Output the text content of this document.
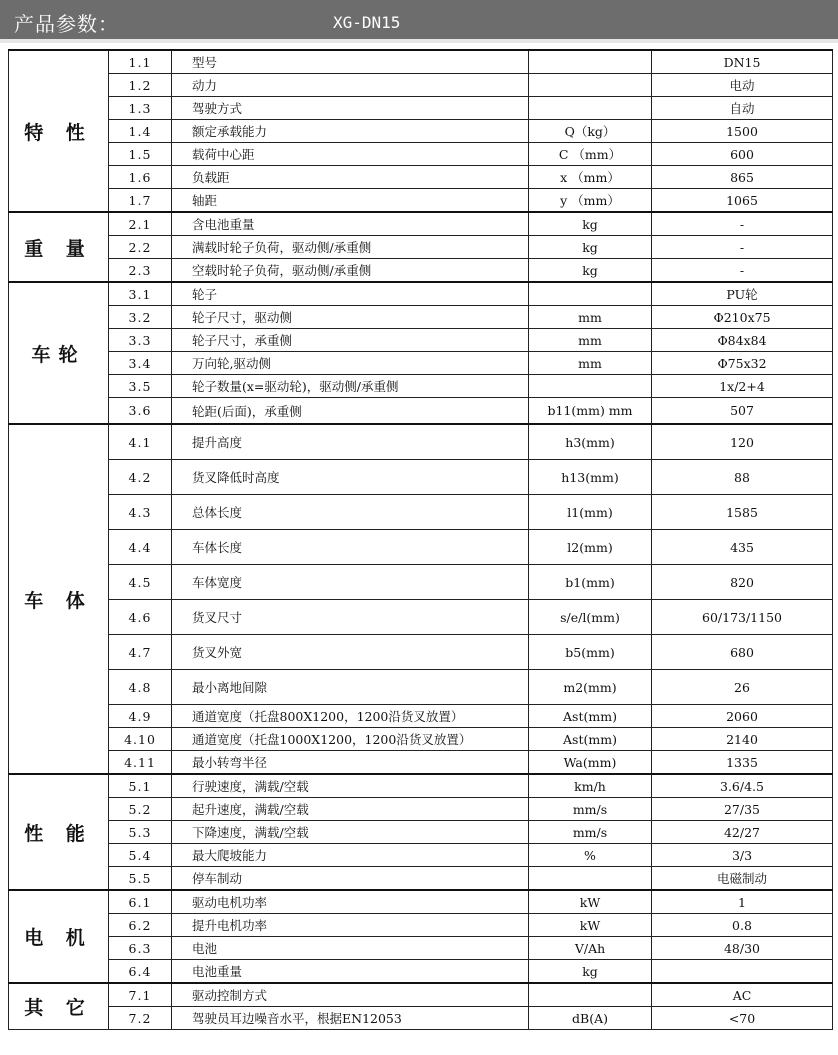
产品参数：	XG-DN15
特 性	1.1	型号		DN15
	1.2	动力		电动
	1.3	驾驶方式		自动
	1.4	额定承载能力	Q（kg）	1500
	1.5	载荷中心距	C （mm）	600
	1.6	负载距	x （mm）	865
	1.7	轴距	y （mm）	1065
重 量	2.1	含电池重量	kg	-
	2.2	满载时轮子负荷，驱动侧/承重侧	kg	-
	2.3	空载时轮子负荷，驱动侧/承重侧	kg	-
车轮	3.1	轮子		PU轮
	3.2	轮子尺寸，驱动侧	mm	Φ210x75
	3.3	轮子尺寸，承重侧	mm	Φ84x84
	3.4	万向轮,驱动侧	mm	Φ75x32
	3.5	轮子数量(x=驱动轮)，驱动侧/承重侧		1x/2+4
	3.6	轮距(后面)，承重侧	b11(mm) mm	507
车 体	4.1	提升高度	h3(mm)	120
	4.2	货叉降低时高度	h13(mm)	88
	4.3	总体长度	l1(mm)	1585
	4.4	车体长度	l2(mm)	435
	4.5	车体宽度	b1(mm)	820
	4.6	货叉尺寸	s/e/l(mm)	60/173/1150
	4.7	货叉外宽	b5(mm)	680
	4.8	最小离地间隙	m2(mm)	26
	4.9	通道宽度（托盘800X1200，1200沿货叉放置）	Ast(mm)	2060
	4.10	通道宽度（托盘1000X1200，1200沿货叉放置）	Ast(mm)	2140
	4.11	最小转弯半径	Wa(mm)	1335
性 能	5.1	行驶速度，满载/空载	km/h	3.6/4.5
	5.2	起升速度，满载/空载	mm/s	27/35
	5.3	下降速度，满载/空载	mm/s	42/27
	5.4	最大爬坡能力	%	3/3
	5.5	停车制动		电磁制动
电 机	6.1	驱动电机功率	kW	1
	6.2	提升电机功率	kW	0.8
	6.3	电池	V/Ah	48/30
	6.4	电池重量	kg	
其 它	7.1	驱动控制方式		AC
	7.2	驾驶员耳边噪音水平，根据EN12053	dB(A)	<70
